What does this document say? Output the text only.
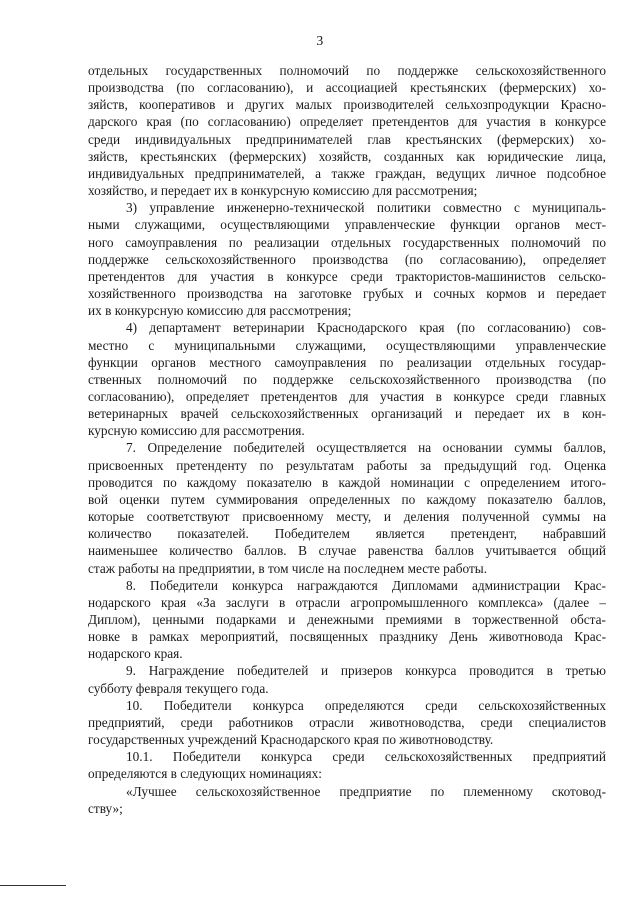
3
отдельных государственных полномочий по поддержке сельскохозяйственного
производства (по согласованию), и ассоциацией крестьянских (фермерских) хо-
зяйств, кооперативов и других малых производителей сельхозпродукции Красно-
дарского края (по согласованию) определяет претендентов для участия в конкурсе
среди индивидуальных предпринимателей глав крестьянских (фермерских) хо-
зяйств, крестьянских (фермерских) хозяйств, созданных как юридические лица,
индивидуальных предпринимателей, а также граждан, ведущих личное подсобное
хозяйство, и передает их в конкурсную комиссию для рассмотрения;
3) управление инженерно-технической политики совместно с муниципаль-
ными служащими, осуществляющими управленческие функции органов мест-
ного самоуправления по реализации отдельных государственных полномочий по
поддержке сельскохозяйственного производства (по согласованию), определяет
претендентов для участия в конкурсе среди трактористов-машинистов сельско-
хозяйственного производства на заготовке грубых и сочных кормов и передает
их в конкурсную комиссию для рассмотрения;
4) департамент ветеринарии Краснодарского края (по согласованию) сов-
местно с муниципальными служащими, осуществляющими управленческие
функции органов местного самоуправления по реализации отдельных государ-
ственных полномочий по поддержке сельскохозяйственного производства (по
согласованию), определяет претендентов для участия в конкурсе среди главных
ветеринарных врачей сельскохозяйственных организаций и передает их в кон-
курсную комиссию для рассмотрения.
7. Определение победителей осуществляется на основании суммы баллов,
присвоенных претенденту по результатам работы за предыдущий год. Оценка
проводится по каждому показателю в каждой номинации с определением итого-
вой оценки путем суммирования определенных по каждому показателю баллов,
которые соответствуют присвоенному месту, и деления полученной суммы на
количество показателей. Победителем является претендент, набравший
наименьшее количество баллов. В случае равенства баллов учитывается общий
стаж работы на предприятии, в том числе на последнем месте работы.
8. Победители конкурса награждаются Дипломами администрации Крас-
нодарского края «За заслуги в отрасли агропромышленного комплекса» (далее –
Диплом), ценными подарками и денежными премиями в торжественной обста-
новке в рамках мероприятий, посвященных празднику День животновода Крас-
нодарского края.
9. Награждение победителей и призеров конкурса проводится в третью
субботу февраля текущего года.
10. Победители конкурса определяются среди сельскохозяйственных
предприятий, среди работников отрасли животноводства, среди специалистов
государственных учреждений Краснодарского края по животноводству.
10.1. Победители конкурса среди сельскохозяйственных предприятий
определяются в следующих номинациях:
«Лучшее сельскохозяйственное предприятие по племенному скотовод-
ству»;
